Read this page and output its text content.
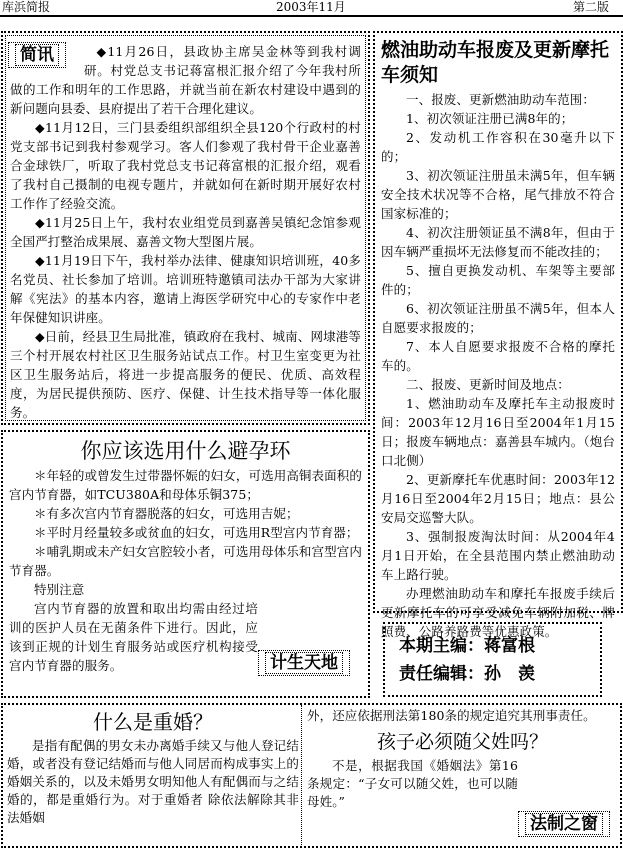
库浜简报	2003年11月	第二版

◆11月26日，县政协主席吴金林等到我村调研。村党总支书记蒋富根汇报介绍了今年我村所做的工作和明年的工作思路，并就当前在新农村建设中遇到的新问题向县委、县府提出了若干合理化建议。

◆11月12日，三门县委组织部组织全县120个行政村的村党支部书记到我村参观学习。客人们参观了我村骨干企业嘉善合金球铁厂，听取了我村党总支书记蒋富根的汇报介绍，观看了我村自己摄制的电视专题片，并就如何在新时期开展好农村工作作了经验交流。

◆11月25日上午，我村农业组党员到嘉善吴镇纪念馆参观全国严打整治成果展、嘉善文物大型图片展。

◆11月19日下午，我村举办法律、健康知识培训班，40多名党员、社长参加了培训。培训班特邀镇司法办干部为大家讲解《宪法》的基本内容，邀请上海医学研究中心的专家作中老年保健知识讲座。

◆日前，经县卫生局批准，镇政府在我村、城南、网埭港等三个村开展农村社区卫生服务站试点工作。村卫生室变更为社区卫生服务站后，将进一步提高服务的便民、优质、高效程度，为居民提供预防、医疗、保健、计生技术指导等一体化服务。

简讯	燃油助动车报废及更新摩托车须知

一、报废、更新燃油助动车范围：

1、初次领证注册已满8年的；

2、发动机工作容积在30毫升以下的；

3、初次领证注册虽未满5年，但车辆安全技术状况等不合格，尾气排放不符合国家标准的；

4、初次注册领证虽不满8年，但由于因车辆严重损坏无法修复而不能改挂的；

5、擅自更换发动机、车架等主要部件的；

6、初次领证注册虽不满5年，但本人自愿要求报废的；

7、本人自愿要求报废不合格的摩托车的。

二、报废、更新时间及地点：

1、燃油助动车及摩托车主动报废时间：2003年12月16日至2004年1月15日；报废车辆地点：嘉善县车城内。（炮台口北侧）

2、更新摩托车优惠时间：2003年12月16日至2004年2月15日；地点：县公安局交巡警大队。

3、强制报废淘汰时间：从2004年4月1日开始，在全县范围内禁止燃油助动车上路行驶。

办理燃油助动车和摩托车报废手续后更新摩托车的可享受减免车辆附加税、牌照费、公路养路费等优惠政策。

你应该选用什么避孕环

＊年轻的或曾发生过带器怀娠的妇女，可选用高铜表面积的宫内节育器，如TCU380A和母体乐铜375；

＊有多次宫内节育器脱落的妇女，可选用吉妮；

＊平时月经量较多或贫血的妇女，可选用R型宫内节育器；

＊哺乳期或未产妇女宫腔较小者，可选用母体乐和宫型宫内节育器。

特别注意

宫内节育器的放置和取出均需由经过培训的医护人员在无菌条件下进行。因此，应该到正规的计划生育服务站或医疗机构接受宫内节育器的服务。	计生天地
本期主编：蒋富根
责任编辑：孙　羡
什么是重婚？

是指有配偶的男女未办离婚手续又与他人登记结婚，或者没有登记结婚而与他人同居而构成事实上的婚姻关系的，以及未婚男女明知他人有配偶而与之结婚的，都是重婚行为。对于重婚者 除依法解除其非法婚姻

外，还应依据刑法第180条的规定追究其刑事责任。

孩子必须随父姓吗？

不是，根据我国《婚姻法》第16条规定：“子女可以随父姓，也可以随母姓。”

法制之窗
